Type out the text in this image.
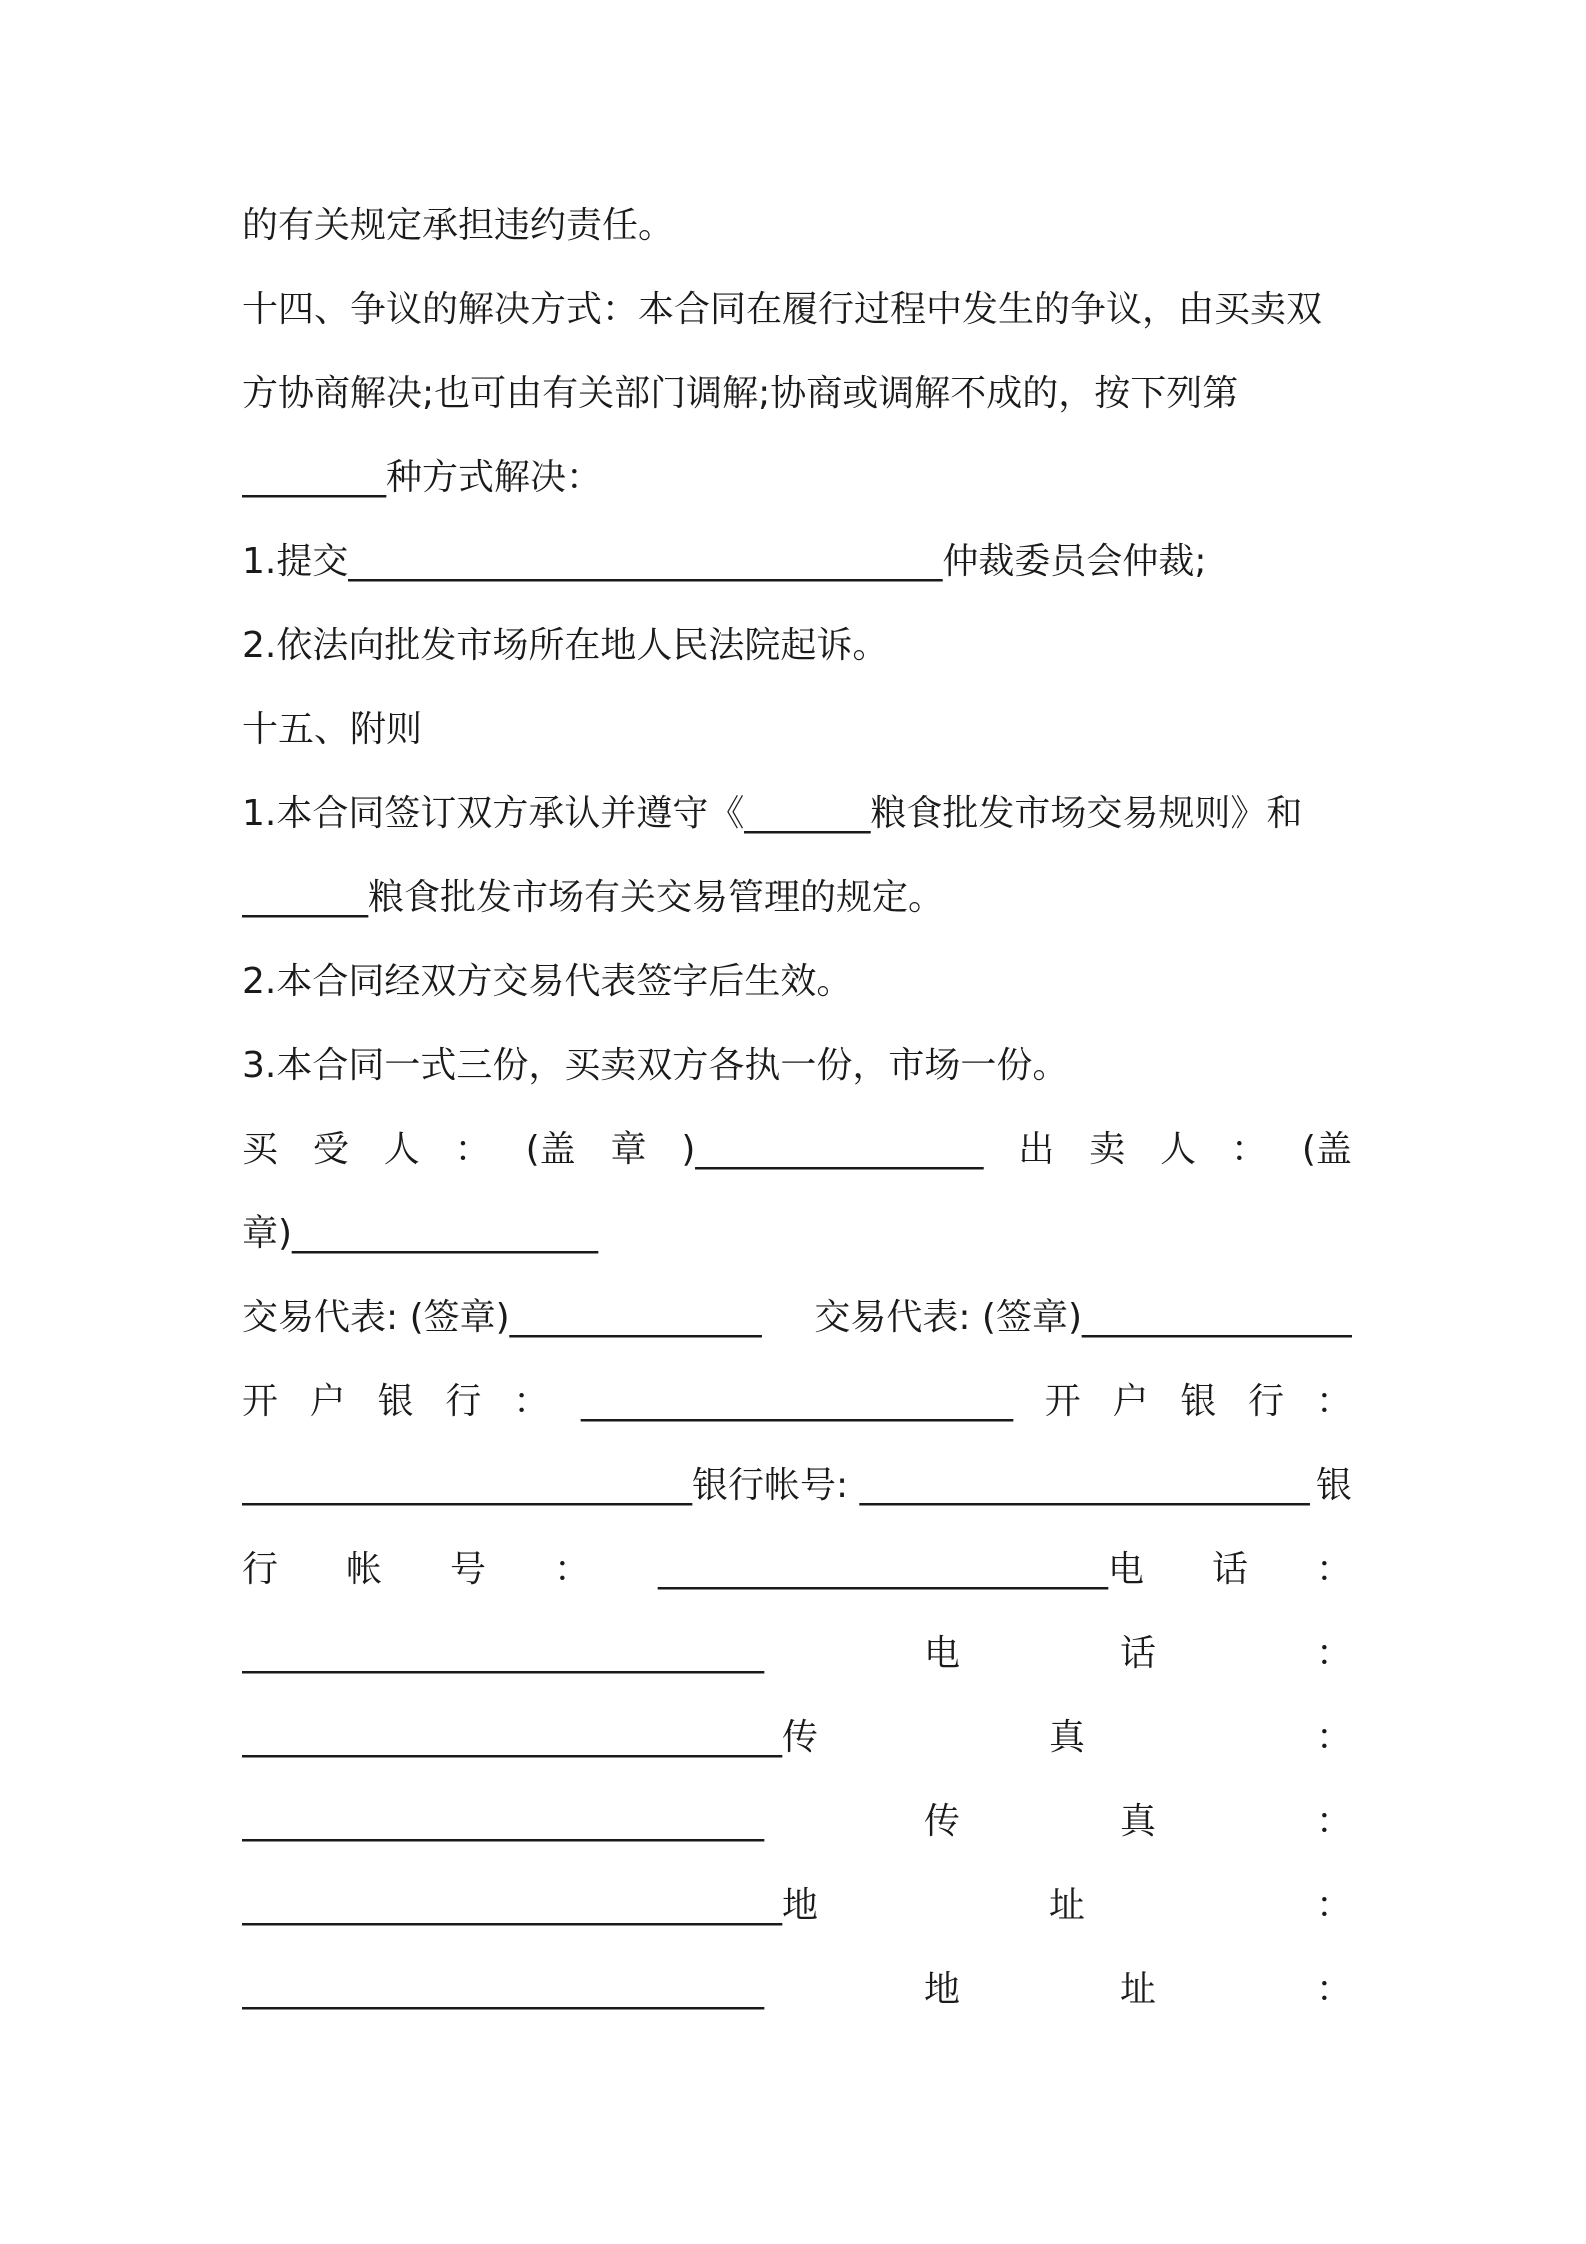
的有关规定承担违约责任。
十四、争议的解决方式：本合同在履行过程中发生的争议，由买卖双
方协商解决;也可由有关部门调解;协商或调解不成的，按下列第
________种方式解决：
1.提交_________________________________仲裁委员会仲裁;
2.依法向批发市场所在地人民法院起诉。
十五、附则
1.本合同签订双方承认并遵守《_______粮食批发市场交易规则》和
_______粮食批发市场有关交易管理的规定。
2.本合同经双方交易代表签字后生效。
3.本合同一式三份，买卖双方各执一份，市场一份。
买 受 人 ： (盖 章 )________________ 出 卖 人 ： (盖
章)_________________
交易代表: (签章)______________ 交易代表: (签章)_______________
开 户 银 行 ： ________________________ 开 户 银 行 ：
_________________________银行帐号: _________________________ 银
行 帐 号 ： _________________________电 话 ：
_____________________________	电	话	：
______________________________传	真	：
_____________________________	传	真	：
______________________________地	址	：
_____________________________	地	址	：
